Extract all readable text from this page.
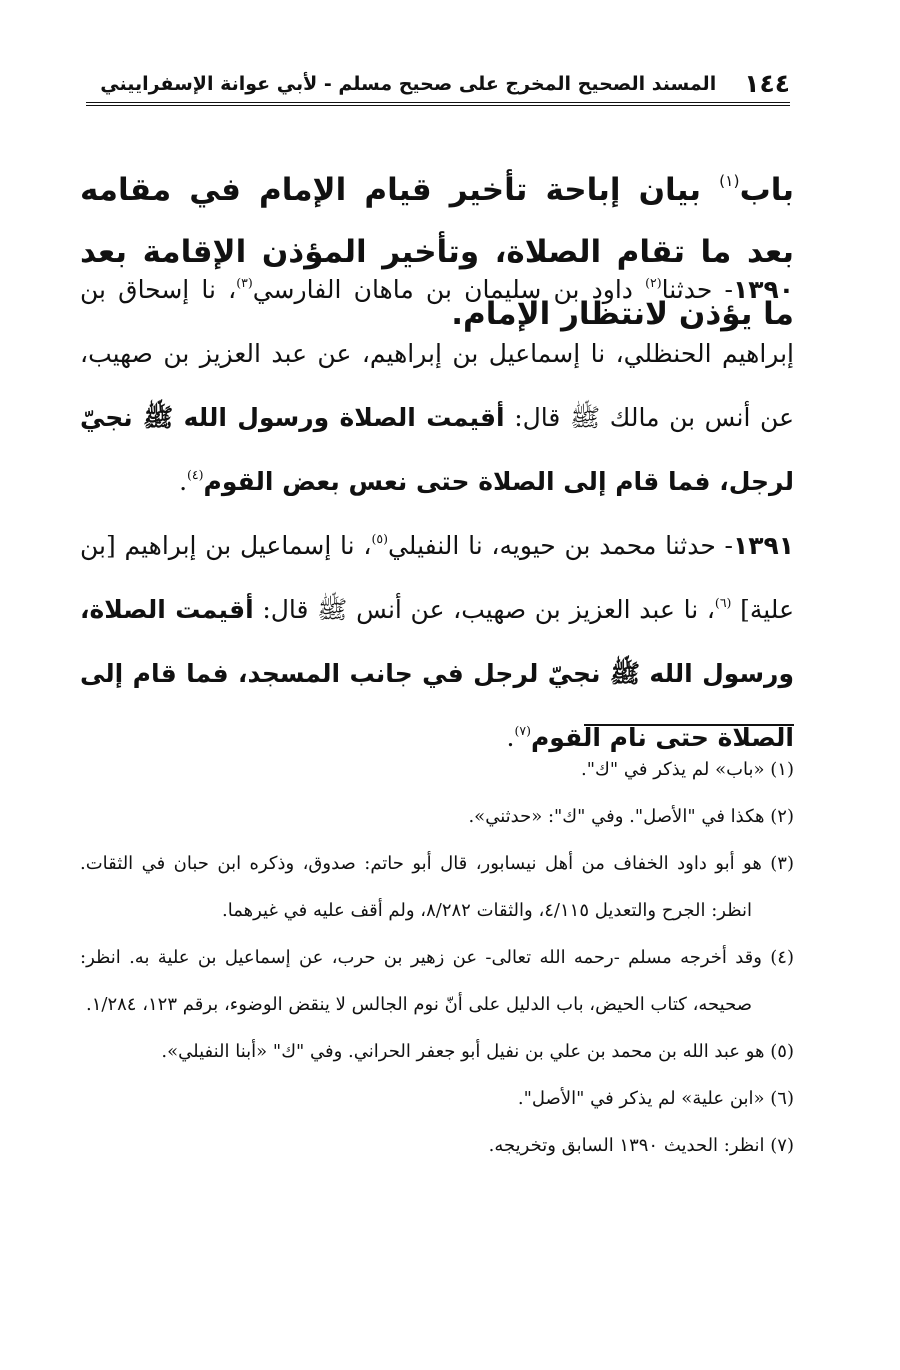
١٤٤
المسند الصحيح المخرج على صحيح مسلم - لأبي عوانة الإسفراييني
باب$^{(١)}$ بيان إباحة تأخير قيام الإمام في مقامه بعد ما تقام الصلاة، وتأخير المؤذن الإقامة بعد ما يؤذن لانتظار الإمام.

١٣٩٠- حدثنا$^{(٢)}$ داود بن سليمان بن ماهان الفارسي$^{(٣)}$، نا إسحاق بن إبراهيم الحنظلي، نا إسماعيل بن إبراهيم، عن عبد العزيز بن صهيب، عن أنس بن مالك ﷺ قال: أقيمت الصلاة ورسول الله ﷺ نجيّ لرجل، فما قام إلى الصلاة حتى نعس بعض القوم$^{(٤)}$.

١٣٩١- حدثنا محمد بن حيويه، نا النفيلي$^{(٥)}$، نا إسماعيل بن إبراهيم [بن علية] $^{(٦)}$، نا عبد العزيز بن صهيب، عن أنس ﷺ قال: أقيمت الصلاة، ورسول الله ﷺ نجيّ لرجل في جانب المسجد، فما قام إلى الصلاة حتى نام القوم$^{(٧)}$.

(١) «باب» لم يذكر في "ك".

(٢) هكذا في "الأصل". وفي "ك": «حدثني».

(٣) هو أبو داود الخفاف من أهل نيسابور، قال أبو حاتم: صدوق، وذكره ابن حبان في الثقات. انظر: الجرح والتعديل ٤/١١٥، والثقات ٨/٢٨٢، ولم أقف عليه في غيرهما.

(٤) وقد أخرجه مسلم -رحمه الله تعالى- عن زهير بن حرب، عن إسماعيل بن علية به. انظر: صحيحه، كتاب الحيض، باب الدليل على أنّ نوم الجالس لا ينقض الوضوء، برقم ١٢٣، ١/٢٨٤.

(٥) هو عبد الله بن محمد بن علي بن نفيل أبو جعفر الحراني. وفي "ك" «أبنا النفيلي».

(٦) «ابن علية» لم يذكر في "الأصل".

(٧) انظر: الحديث ١٣٩٠ السابق وتخريجه.
